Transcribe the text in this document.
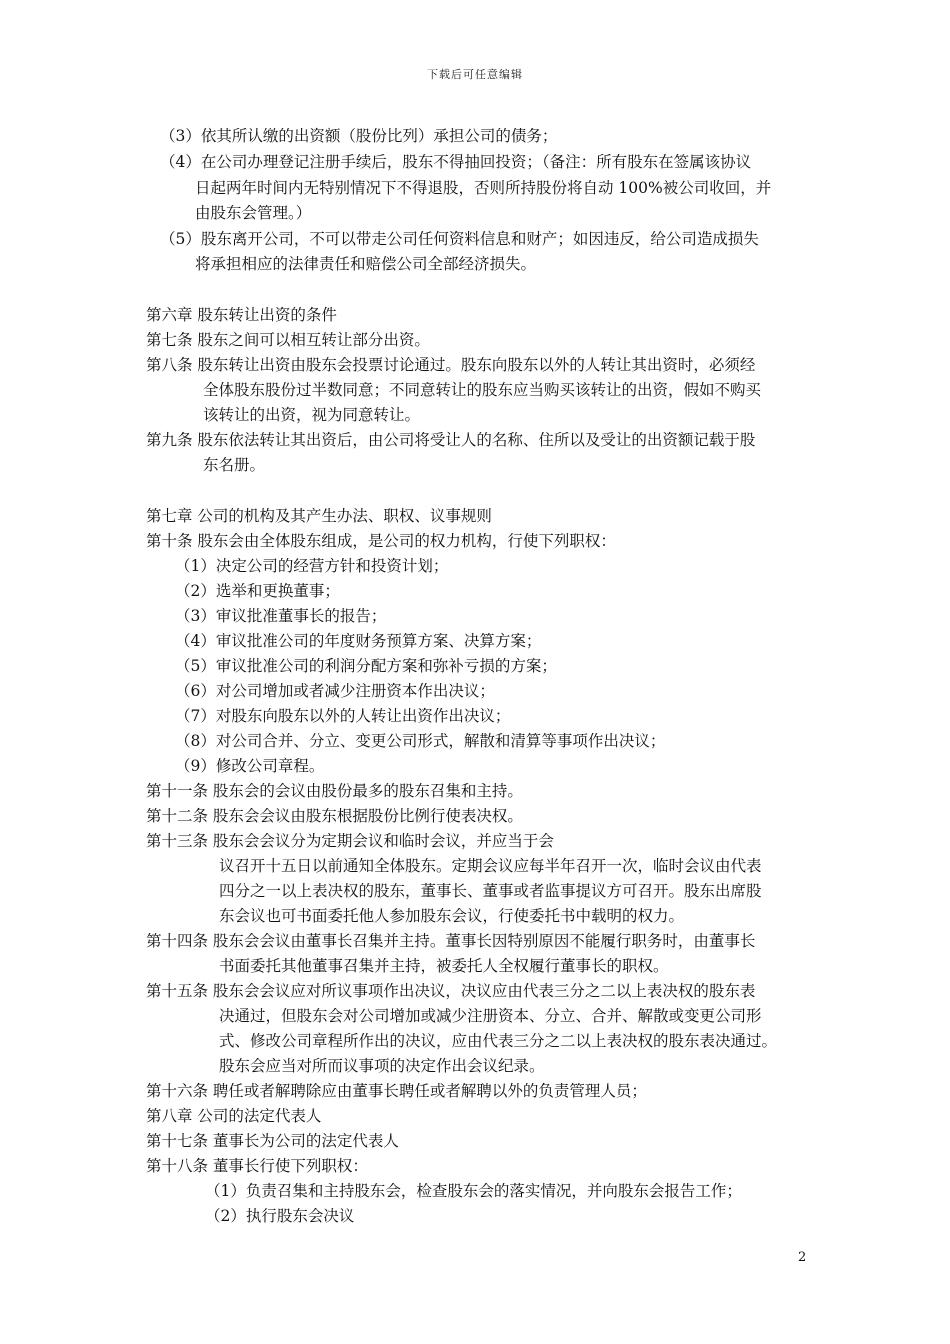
下载后可任意编辑
（3）依其所认缴的出资额（股份比列）承担公司的债务；
（4）在公司办理登记注册手续后，股东不得抽回投资；（备注：所有股东在签属该协议
日起两年时间内无特别情况下不得退股，否则所持股份将自动 100%被公司收回，并
由股东会管理。）
（5）股东离开公司，不可以带走公司任何资料信息和财产；如因违反，给公司造成损失
将承担相应的法律责任和赔偿公司全部经济损失。
第六章 股东转让出资的条件
第七条 股东之间可以相互转让部分出资。
第八条 股东转让出资由股东会投票讨论通过。股东向股东以外的人转让其出资时，必须经
全体股东股份过半数同意；不同意转让的股东应当购买该转让的出资，假如不购买
该转让的出资，视为同意转让。
第九条 股东依法转让其出资后，由公司将受让人的名称、住所以及受让的出资额记载于股
东名册。
第七章 公司的机构及其产生办法、职权、议事规则
第十条 股东会由全体股东组成，是公司的权力机构，行使下列职权：
（1）决定公司的经营方针和投资计划；
（2）选举和更换董事；
（3）审议批准董事长的报告；
（4）审议批准公司的年度财务预算方案、决算方案；
（5）审议批准公司的利润分配方案和弥补亏损的方案；
（6）对公司增加或者减少注册资本作出决议；
（7）对股东向股东以外的人转让出资作出决议；
（8）对公司合并、分立、变更公司形式，解散和清算等事项作出决议；
（9）修改公司章程。
第十一条 股东会的会议由股份最多的股东召集和主持。
第十二条 股东会会议由股东根据股份比例行使表决权。
第十三条 股东会会议分为定期会议和临时会议，并应当于会
议召开十五日以前通知全体股东。定期会议应每半年召开一次，临时会议由代表
四分之一以上表决权的股东，董事长、董事或者监事提议方可召开。股东出席股
东会议也可书面委托他人参加股东会议，行使委托书中载明的权力。
第十四条 股东会会议由董事长召集并主持。董事长因特别原因不能履行职务时，由董事长
书面委托其他董事召集并主持，被委托人全权履行董事长的职权。
第十五条 股东会会议应对所议事项作出决议，决议应由代表三分之二以上表决权的股东表
决通过，但股东会对公司增加或减少注册资本、分立、合并、解散或变更公司形
式、修改公司章程所作出的决议，应由代表三分之二以上表决权的股东表决通过。
股东会应当对所而议事项的决定作出会议纪录。
第十六条 聘任或者解聘除应由董事长聘任或者解聘以外的负责管理人员；
第八章 公司的法定代表人
第十七条 董事长为公司的法定代表人
第十八条 董事长行使下列职权：
（1）负责召集和主持股东会，检查股东会的落实情况，并向股东会报告工作；
（2）执行股东会决议
2
